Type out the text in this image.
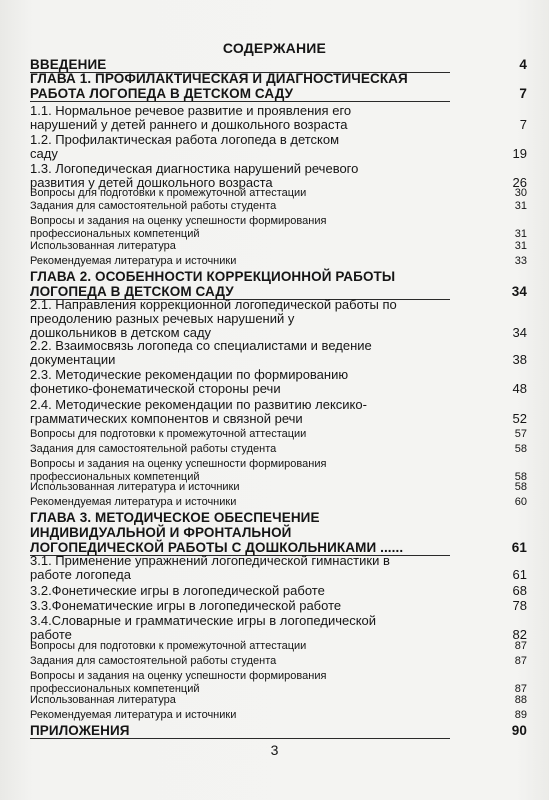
СОДЕРЖАНИЕ
ВВЕДЕНИЕ	4
ГЛАВА 1. ПРОФИЛАКТИЧЕСКАЯ И ДИАГНОСТИЧЕСКАЯ
РАБОТА ЛОГОПЕДА В ДЕТСКОМ САДУ	7
1.1. Нормальное речевое развитие и проявления его
нарушений у детей раннего и дошкольного возраста	7
1.2. Профилактическая работа логопеда в детском
саду	19
1.3. Логопедическая диагностика нарушений речевого
развития у детей дошкольного возраста	26
Вопросы для подготовки к промежуточной аттестации	30
Задания для самостоятельной работы студента	31
Вопросы и задания на оценку успешности формирования
профессиональных компетенций	31
Использованная литература	31
Рекомендуемая литература и источники	33
ГЛАВА 2. ОСОБЕННОСТИ КОРРЕКЦИОННОЙ РАБОТЫ
ЛОГОПЕДА В ДЕТСКОМ САДУ	34
2.1. Направления коррекционной логопедической работы по
преодолению разных речевых нарушений у
дошкольников в детском саду	34
2.2. Взаимосвязь логопеда со специалистами и ведение
документации	38
2.3. Методические рекомендации по формированию
фонетико-фонематической стороны речи	48
2.4. Методические рекомендации по развитию лексико-
грамматических компонентов и связной речи	52
Вопросы для подготовки к промежуточной аттестации	57
Задания для самостоятельной работы студента	58
Вопросы и задания на оценку успешности формирования
профессиональных компетенций	58
Использованная литература и источники	58
Рекомендуемая литература и источники	60
ГЛАВА 3. МЕТОДИЧЕСКОЕ ОБЕСПЕЧЕНИЕ
ИНДИВИДУАЛЬНОЙ И ФРОНТАЛЬНОЙ
ЛОГОПЕДИЧЕСКОЙ РАБОТЫ С ДОШКОЛЬНИКАМИ ......	61
3.1. Применение упражнений логопедической гимнастики в
работе логопеда	61
3.2.Фонетические игры в логопедической работе	68
3.3.Фонематические игры в логопедической работе	78
3.4.Словарные и грамматические игры в логопедической
работе	82
Вопросы для подготовки к промежуточной аттестации	87
Задания для самостоятельной работы студента	87
Вопросы и задания на оценку успешности формирования
профессиональных компетенций	87
Использованная литература	88
Рекомендуемая литература и источники	89
ПРИЛОЖЕНИЯ	90
3
